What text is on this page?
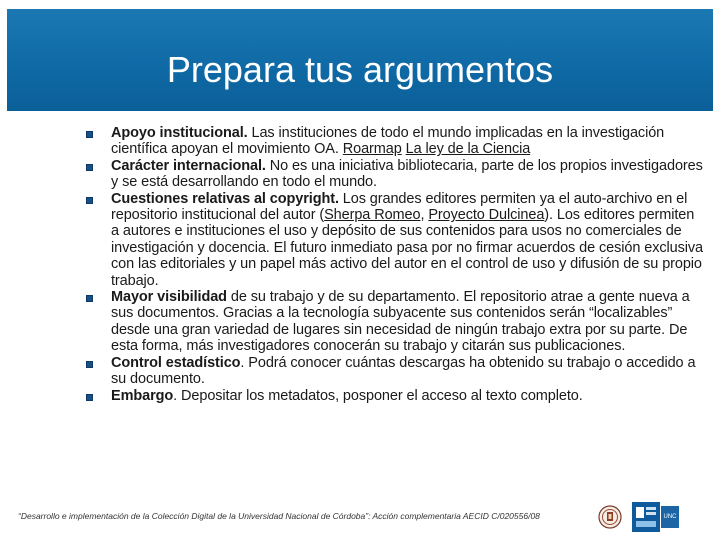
Prepara tus argumentos
Apoyo institucional. Las instituciones de todo el mundo implicadas en la investigación científica apoyan el movimiento OA. Roarmap La ley de la Ciencia
Carácter internacional. No es una iniciativa bibliotecaria, parte de los propios investigadores y se está desarrollando en todo el mundo.
Cuestiones relativas al copyright. Los grandes editores permiten ya el auto-archivo en el repositorio institucional del autor (Sherpa Romeo, Proyecto Dulcinea). Los editores permiten a autores e instituciones el uso y depósito de sus contenidos para usos no comerciales de investigación y docencia. El futuro inmediato pasa por no firmar acuerdos de cesión exclusiva con las editoriales y un papel más activo del autor en el control de uso y difusión de su propio trabajo.
Mayor visibilidad de su trabajo y de su departamento. El repositorio atrae a gente nueva a sus documentos. Gracias a la tecnología subyacente sus contenidos serán “localizables” desde una gran variedad de lugares sin necesidad de ningún trabajo extra por su parte. De esta forma, más investigadores conocerán su trabajo y citarán sus publicaciones.
Control estadístico. Podrá conocer cuántas descargas ha obtenido su trabajo o accedido a su documento.
Embargo. Depositar los metadatos, posponer el acceso al texto completo.
“Desarrollo e implementación de la Colección Digital de la Universidad Nacional de Córdoba”: Acción complementaria AECID C/020556/08	UNC
